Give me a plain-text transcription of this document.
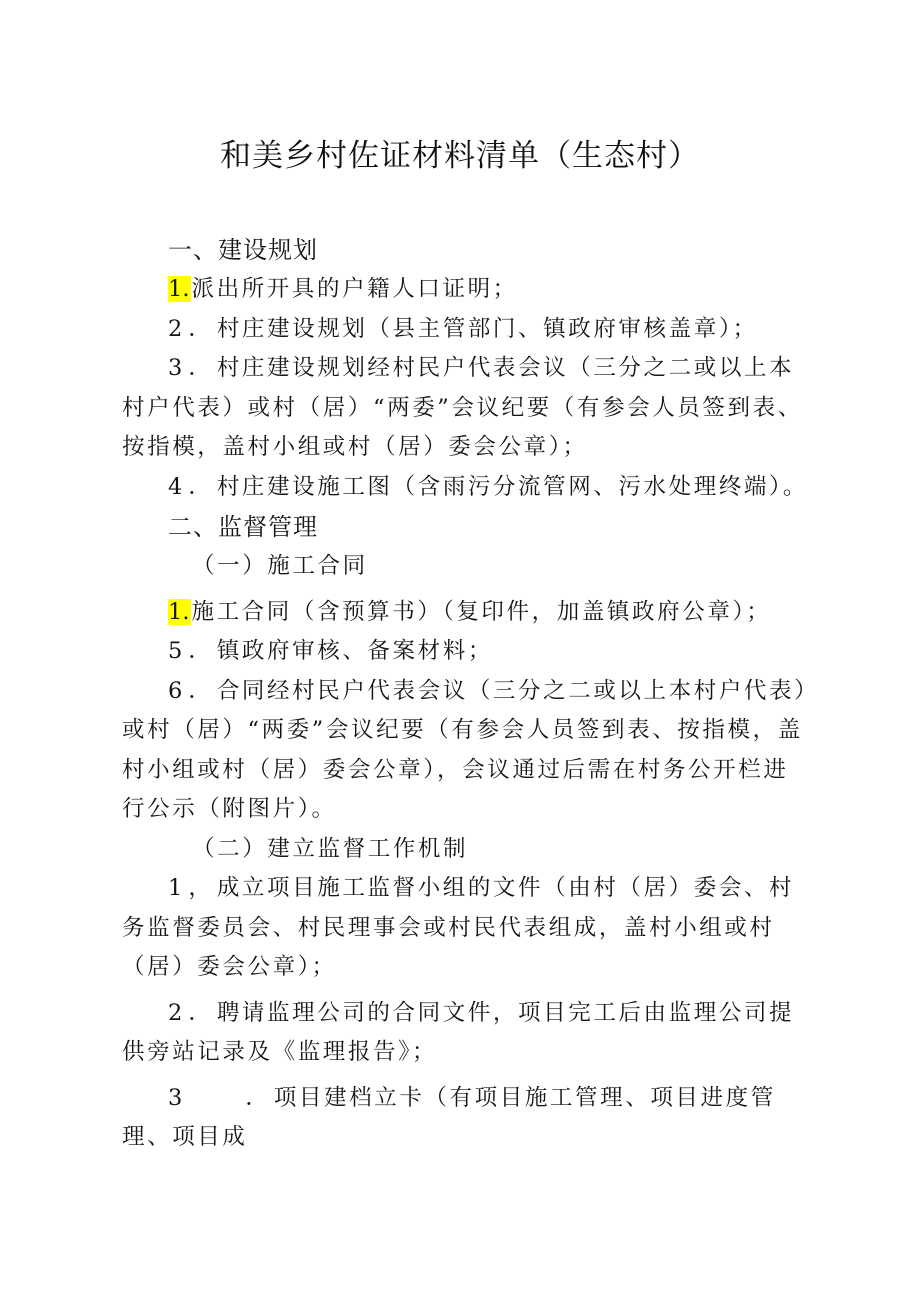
和美乡村佐证材料清单（生态村）

一、建设规划

1.派出所开具的户籍人口证明；

2．村庄建设规划（县主管部门、镇政府审核盖章）；

3．村庄建设规划经村民户代表会议（三分之二或以上本村户代表）或村（居）“两委”会议纪要（有参会人员签到表、按指模，盖村小组或村（居）委会公章）；

4．村庄建设施工图（含雨污分流管网、污水处理终端）。

二、监督管理

（一）施工合同

1.施工合同（含预算书）（复印件，加盖镇政府公章）；

5．镇政府审核、备案材料；

6．合同经村民户代表会议（三分之二或以上本村户代表）或村（居）“两委”会议纪要（有参会人员签到表、按指模，盖村小组或村（居）委会公章），会议通过后需在村务公开栏进行公示（附图片）。

（二）建立监督工作机制

1，成立项目施工监督小组的文件（由村（居）委会、村务监督委员会、村民理事会或村民代表组成，盖村小组或村（居）委会公章）；

2．聘请监理公司的合同文件，项目完工后由监理公司提供旁站记录及《监理报告》；

3　　．项目建档立卡（有项目施工管理、项目进度管理、项目成
